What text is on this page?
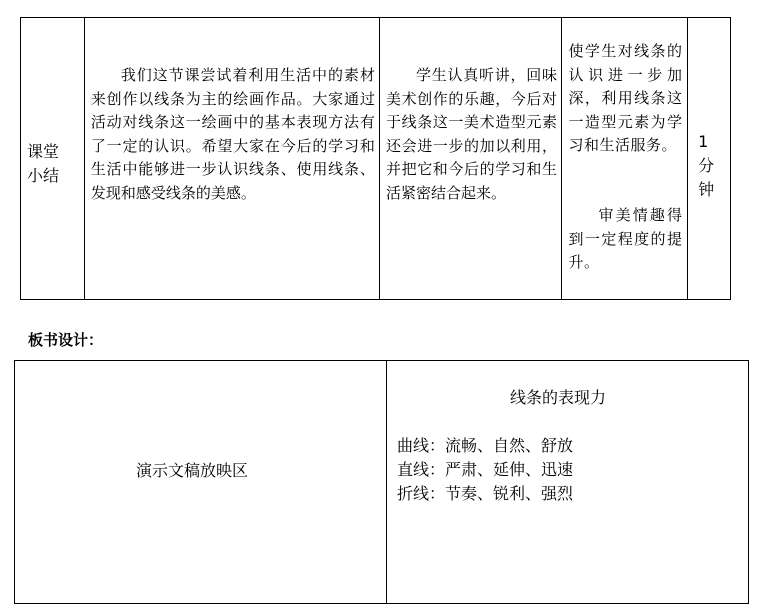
课堂小结

我们这节课尝试着利用生活中的素材来创作以线条为主的绘画作品。大家通过活动对线条这一绘画中的基本表现方法有了一定的认识。希望大家在今后的学习和生活中能够进一步认识线条、使用线条、发现和感受线条的美感。

学生认真听讲，回味美术创作的乐趣，今后对于线条这一美术造型元素还会进一步的加以利用，并把它和今后的学习和生活紧密结合起来。

使学生对线条的认识进一步加深，利用线条这一造型元素为学习和生活服务。

审美情趣得到一定程度的提升。

1分钟
板书设计：
演示文稿放映区
线条的表现力
曲线：流畅、自然、舒放
直线：严肃、延伸、迅速
折线：节奏、锐利、强烈
